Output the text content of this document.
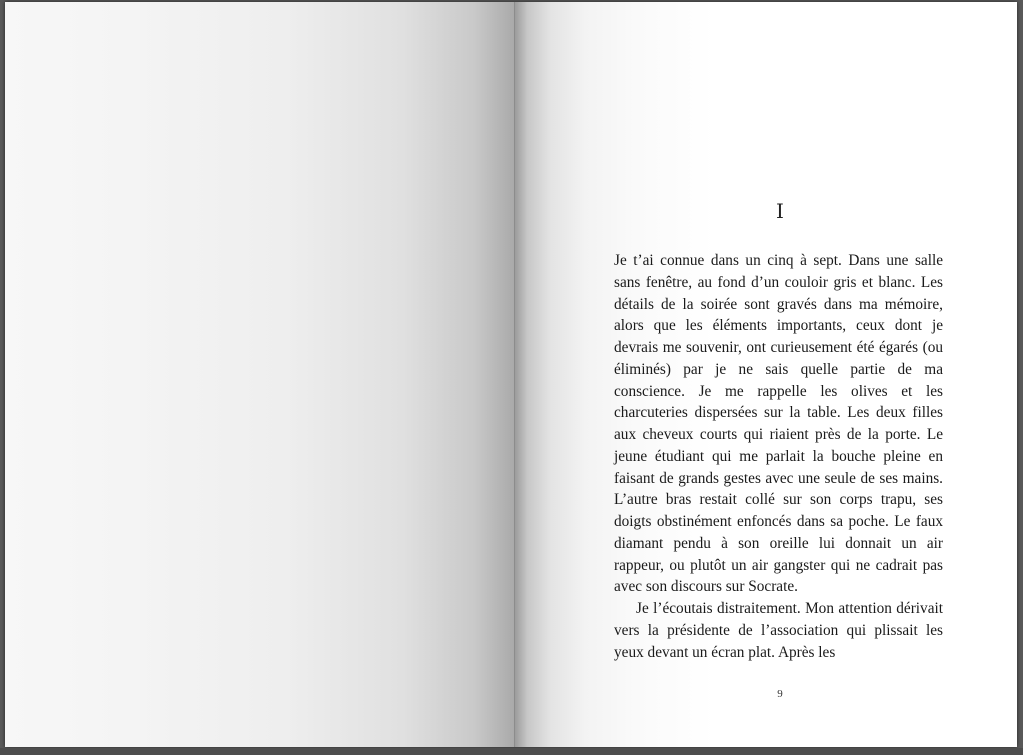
I

Je t’ai connue dans un cinq à sept. Dans une salle sans fenêtre, au fond d’un couloir gris et blanc. Les détails de la soirée sont gravés dans ma mémoire, alors que les éléments importants, ceux dont je devrais me souvenir, ont curieusement été égarés (ou éliminés) par je ne sais quelle partie de ma conscience. Je me rappelle les olives et les charcuteries dispersées sur la table. Les deux filles aux cheveux courts qui riaient près de la porte. Le jeune étudiant qui me parlait la bouche pleine en faisant de grands gestes avec une seule de ses mains. L’autre bras restait collé sur son corps trapu, ses doigts obstinément enfoncés dans sa poche. Le faux diamant pendu à son oreille lui donnait un air rappeur, ou plutôt un air gangster qui ne cadrait pas avec son discours sur Socrate.

Je l’écoutais distraitement. Mon attention dérivait vers la présidente de l’association qui plissait les yeux devant un écran plat. Après les

9
